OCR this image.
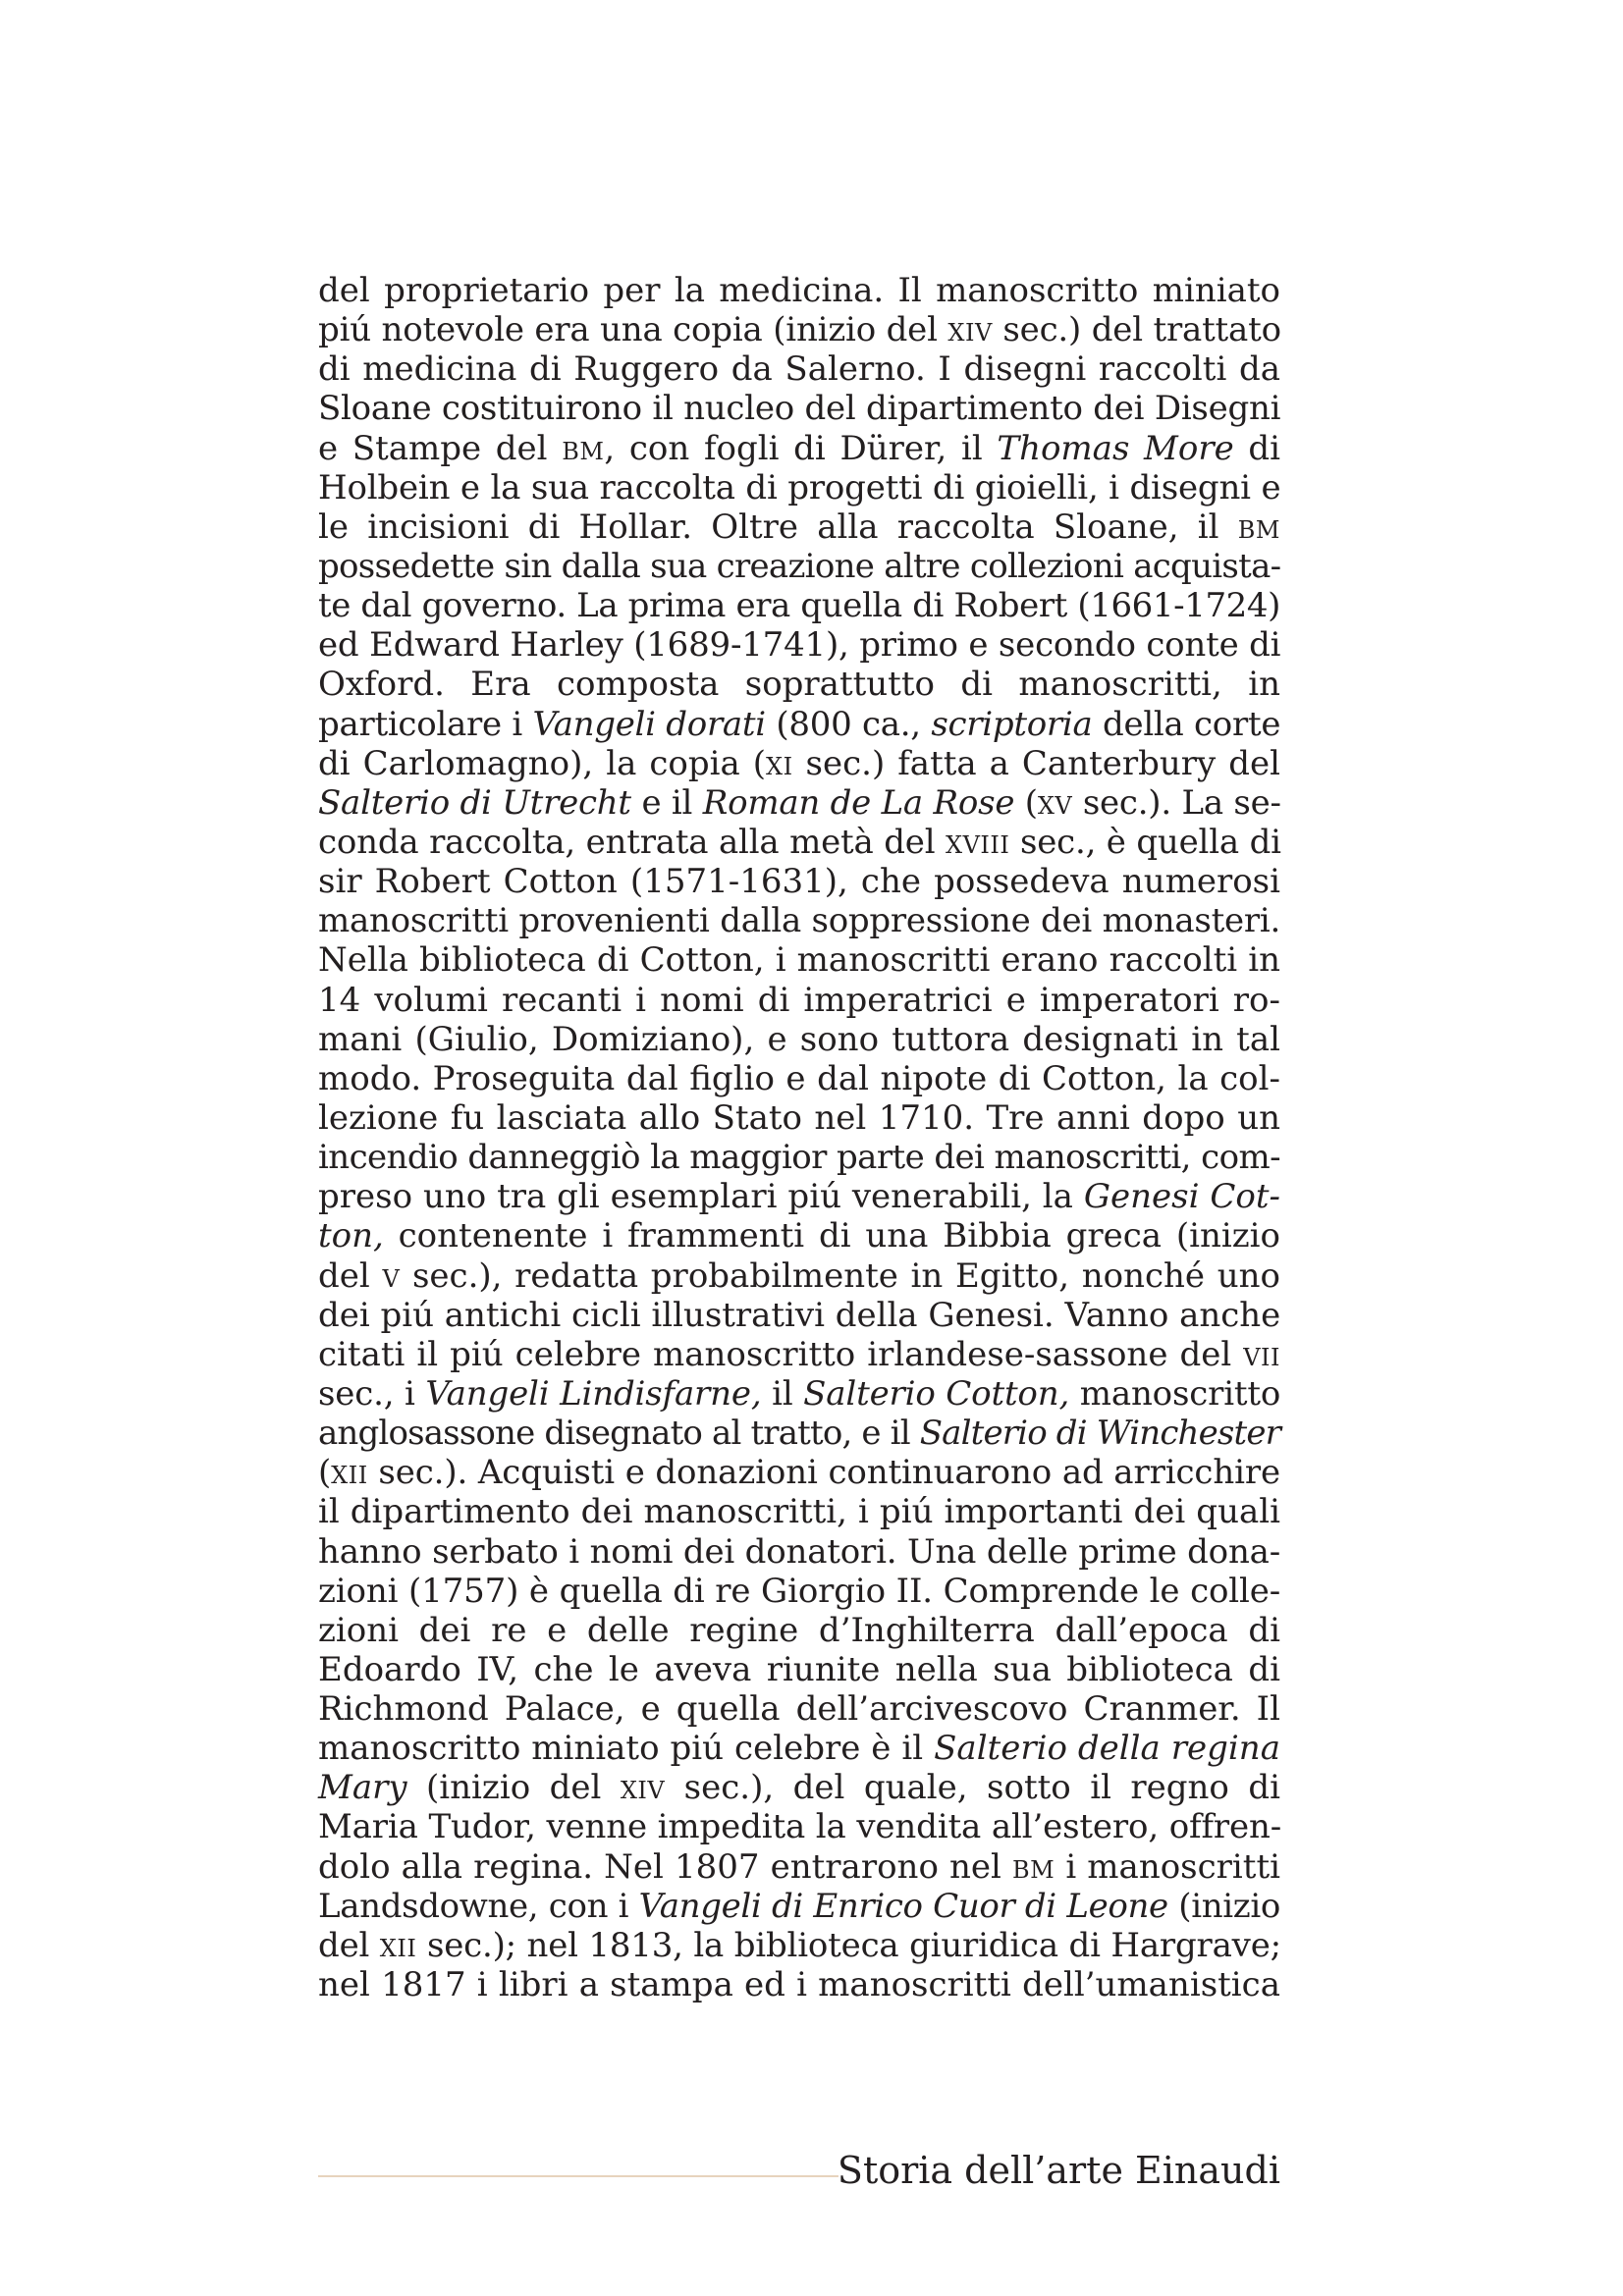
del proprietario per la medicina. Il manoscritto miniato
piú notevole era una copia (inizio del xiv sec.) del trattato
di medicina di Ruggero da Salerno. I disegni raccolti da
Sloane costituirono il nucleo del dipartimento dei Disegni
e Stampe del bm, con fogli di Dürer, il Thomas More di
Holbein e la sua raccolta di progetti di gioielli, i disegni e
le incisioni di Hollar. Oltre alla raccolta Sloane, il bm
possedette sin dalla sua creazione altre collezioni acquista-
te dal governo. La prima era quella di Robert (1661-1724)
ed Edward Harley (1689-1741), primo e secondo conte di
Oxford. Era composta soprattutto di manoscritti, in
particolare i Vangeli dorati (800 ca., scriptoria della corte
di Carlomagno), la copia (xi sec.) fatta a Canterbury del
Salterio di Utrecht e il Roman de La Rose (xv sec.). La se-
conda raccolta, entrata alla metà del xviii sec., è quella di
sir Robert Cotton (1571-1631), che possedeva numerosi
manoscritti provenienti dalla soppressione dei monasteri.
Nella biblioteca di Cotton, i manoscritti erano raccolti in
14 volumi recanti i nomi di imperatrici e imperatori ro-
mani (Giulio, Domiziano), e sono tuttora designati in tal
modo. Proseguita dal figlio e dal nipote di Cotton, la col-
lezione fu lasciata allo Stato nel 1710. Tre anni dopo un
incendio danneggiò la maggior parte dei manoscritti, com-
preso uno tra gli esemplari piú venerabili, la Genesi Cot-
ton, contenente i frammenti di una Bibbia greca (inizio
del v sec.), redatta probabilmente in Egitto, nonché uno
dei piú antichi cicli illustrativi della Genesi. Vanno anche
citati il piú celebre manoscritto irlandese-sassone del vii
sec., i Vangeli Lindisfarne, il Salterio Cotton, manoscritto
anglosassone disegnato al tratto, e il Salterio di Winchester
(xii sec.). Acquisti e donazioni continuarono ad arricchire
il dipartimento dei manoscritti, i piú importanti dei quali
hanno serbato i nomi dei donatori. Una delle prime dona-
zioni (1757) è quella di re Giorgio II. Comprende le colle-
zioni dei re e delle regine d’Inghilterra dall’epoca di
Edoardo IV, che le aveva riunite nella sua biblioteca di
Richmond Palace, e quella dell’arcivescovo Cranmer. Il
manoscritto miniato piú celebre è il Salterio della regina
Mary (inizio del xiv sec.), del quale, sotto il regno di
Maria Tudor, venne impedita la vendita all’estero, offren-
dolo alla regina. Nel 1807 entrarono nel bm i manoscritti
Landsdowne, con i Vangeli di Enrico Cuor di Leone (inizio
del xii sec.); nel 1813, la biblioteca giuridica di Hargrave;
nel 1817 i libri a stampa ed i manoscritti dell’umanistica
Storia dell’arte Einaudi
